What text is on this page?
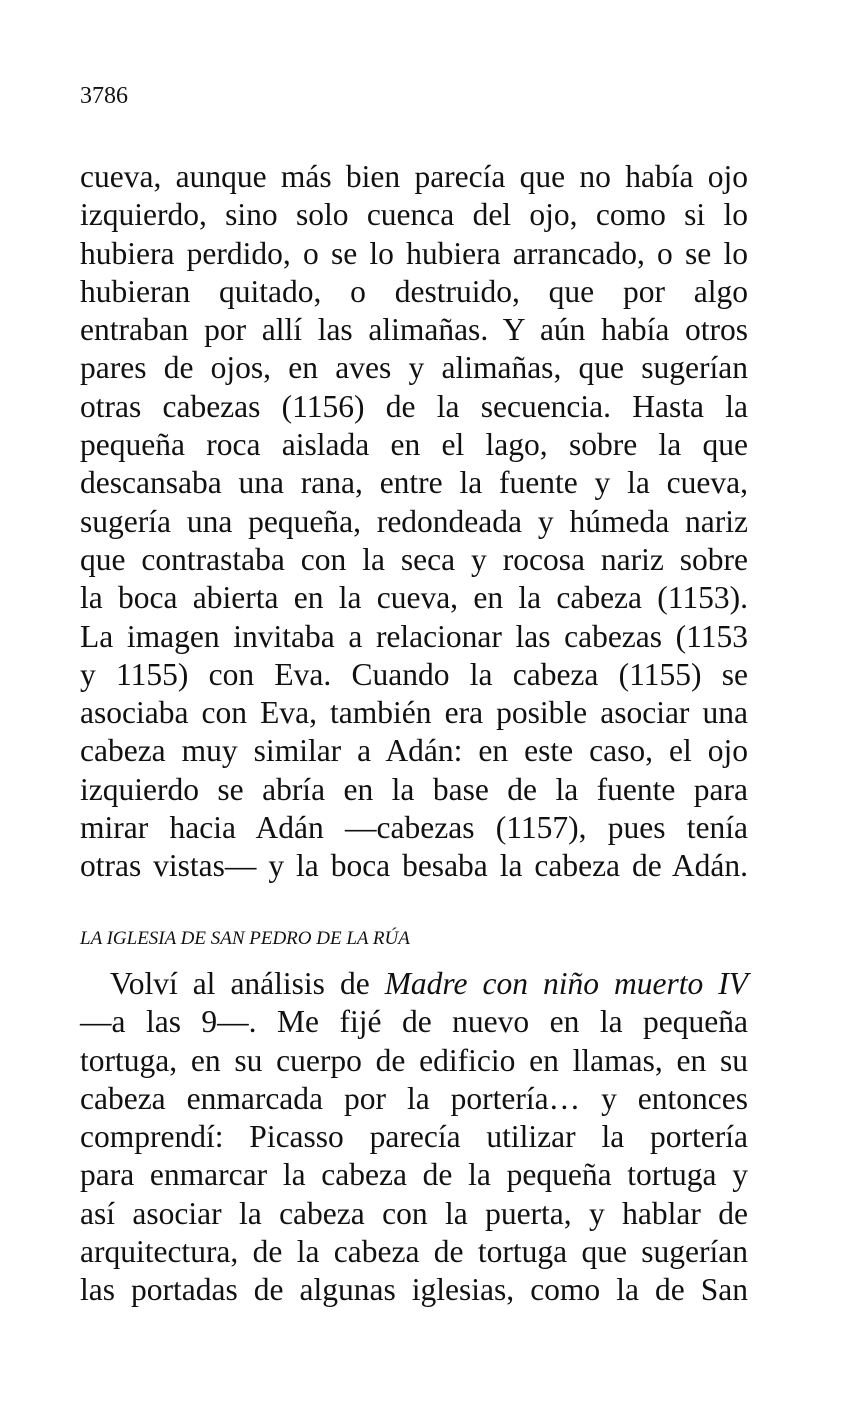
3786
cueva, aunque más bien parecía que no había ojo
izquierdo, sino solo cuenca del ojo, como si lo
hubiera perdido, o se lo hubiera arrancado, o se lo
hubieran quitado, o destruido, que por algo
entraban por allí las alimañas. Y aún había otros
pares de ojos, en aves y alimañas, que sugerían
otras cabezas (1156) de la secuencia. Hasta la
pequeña roca aislada en el lago, sobre la que
descansaba una rana, entre la fuente y la cueva,
sugería una pequeña, redondeada y húmeda nariz
que contrastaba con la seca y rocosa nariz sobre
la boca abierta en la cueva, en la cabeza (1153).
La imagen invitaba a relacionar las cabezas (1153
y 1155) con Eva. Cuando la cabeza (1155) se
asociaba con Eva, también era posible asociar una
cabeza muy similar a Adán: en este caso, el ojo
izquierdo se abría en la base de la fuente para
mirar hacia Adán —cabezas (1157), pues tenía
otras vistas— y la boca besaba la cabeza de Adán.
LA IGLESIA DE SAN PEDRO DE LA RÚA
Volví al análisis de Madre con niño muerto IV
—a las 9—. Me fijé de nuevo en la pequeña
tortuga, en su cuerpo de edificio en llamas, en su
cabeza enmarcada por la portería… y entonces
comprendí: Picasso parecía utilizar la portería
para enmarcar la cabeza de la pequeña tortuga y
así asociar la cabeza con la puerta, y hablar de
arquitectura, de la cabeza de tortuga que sugerían
las portadas de algunas iglesias, como la de San
